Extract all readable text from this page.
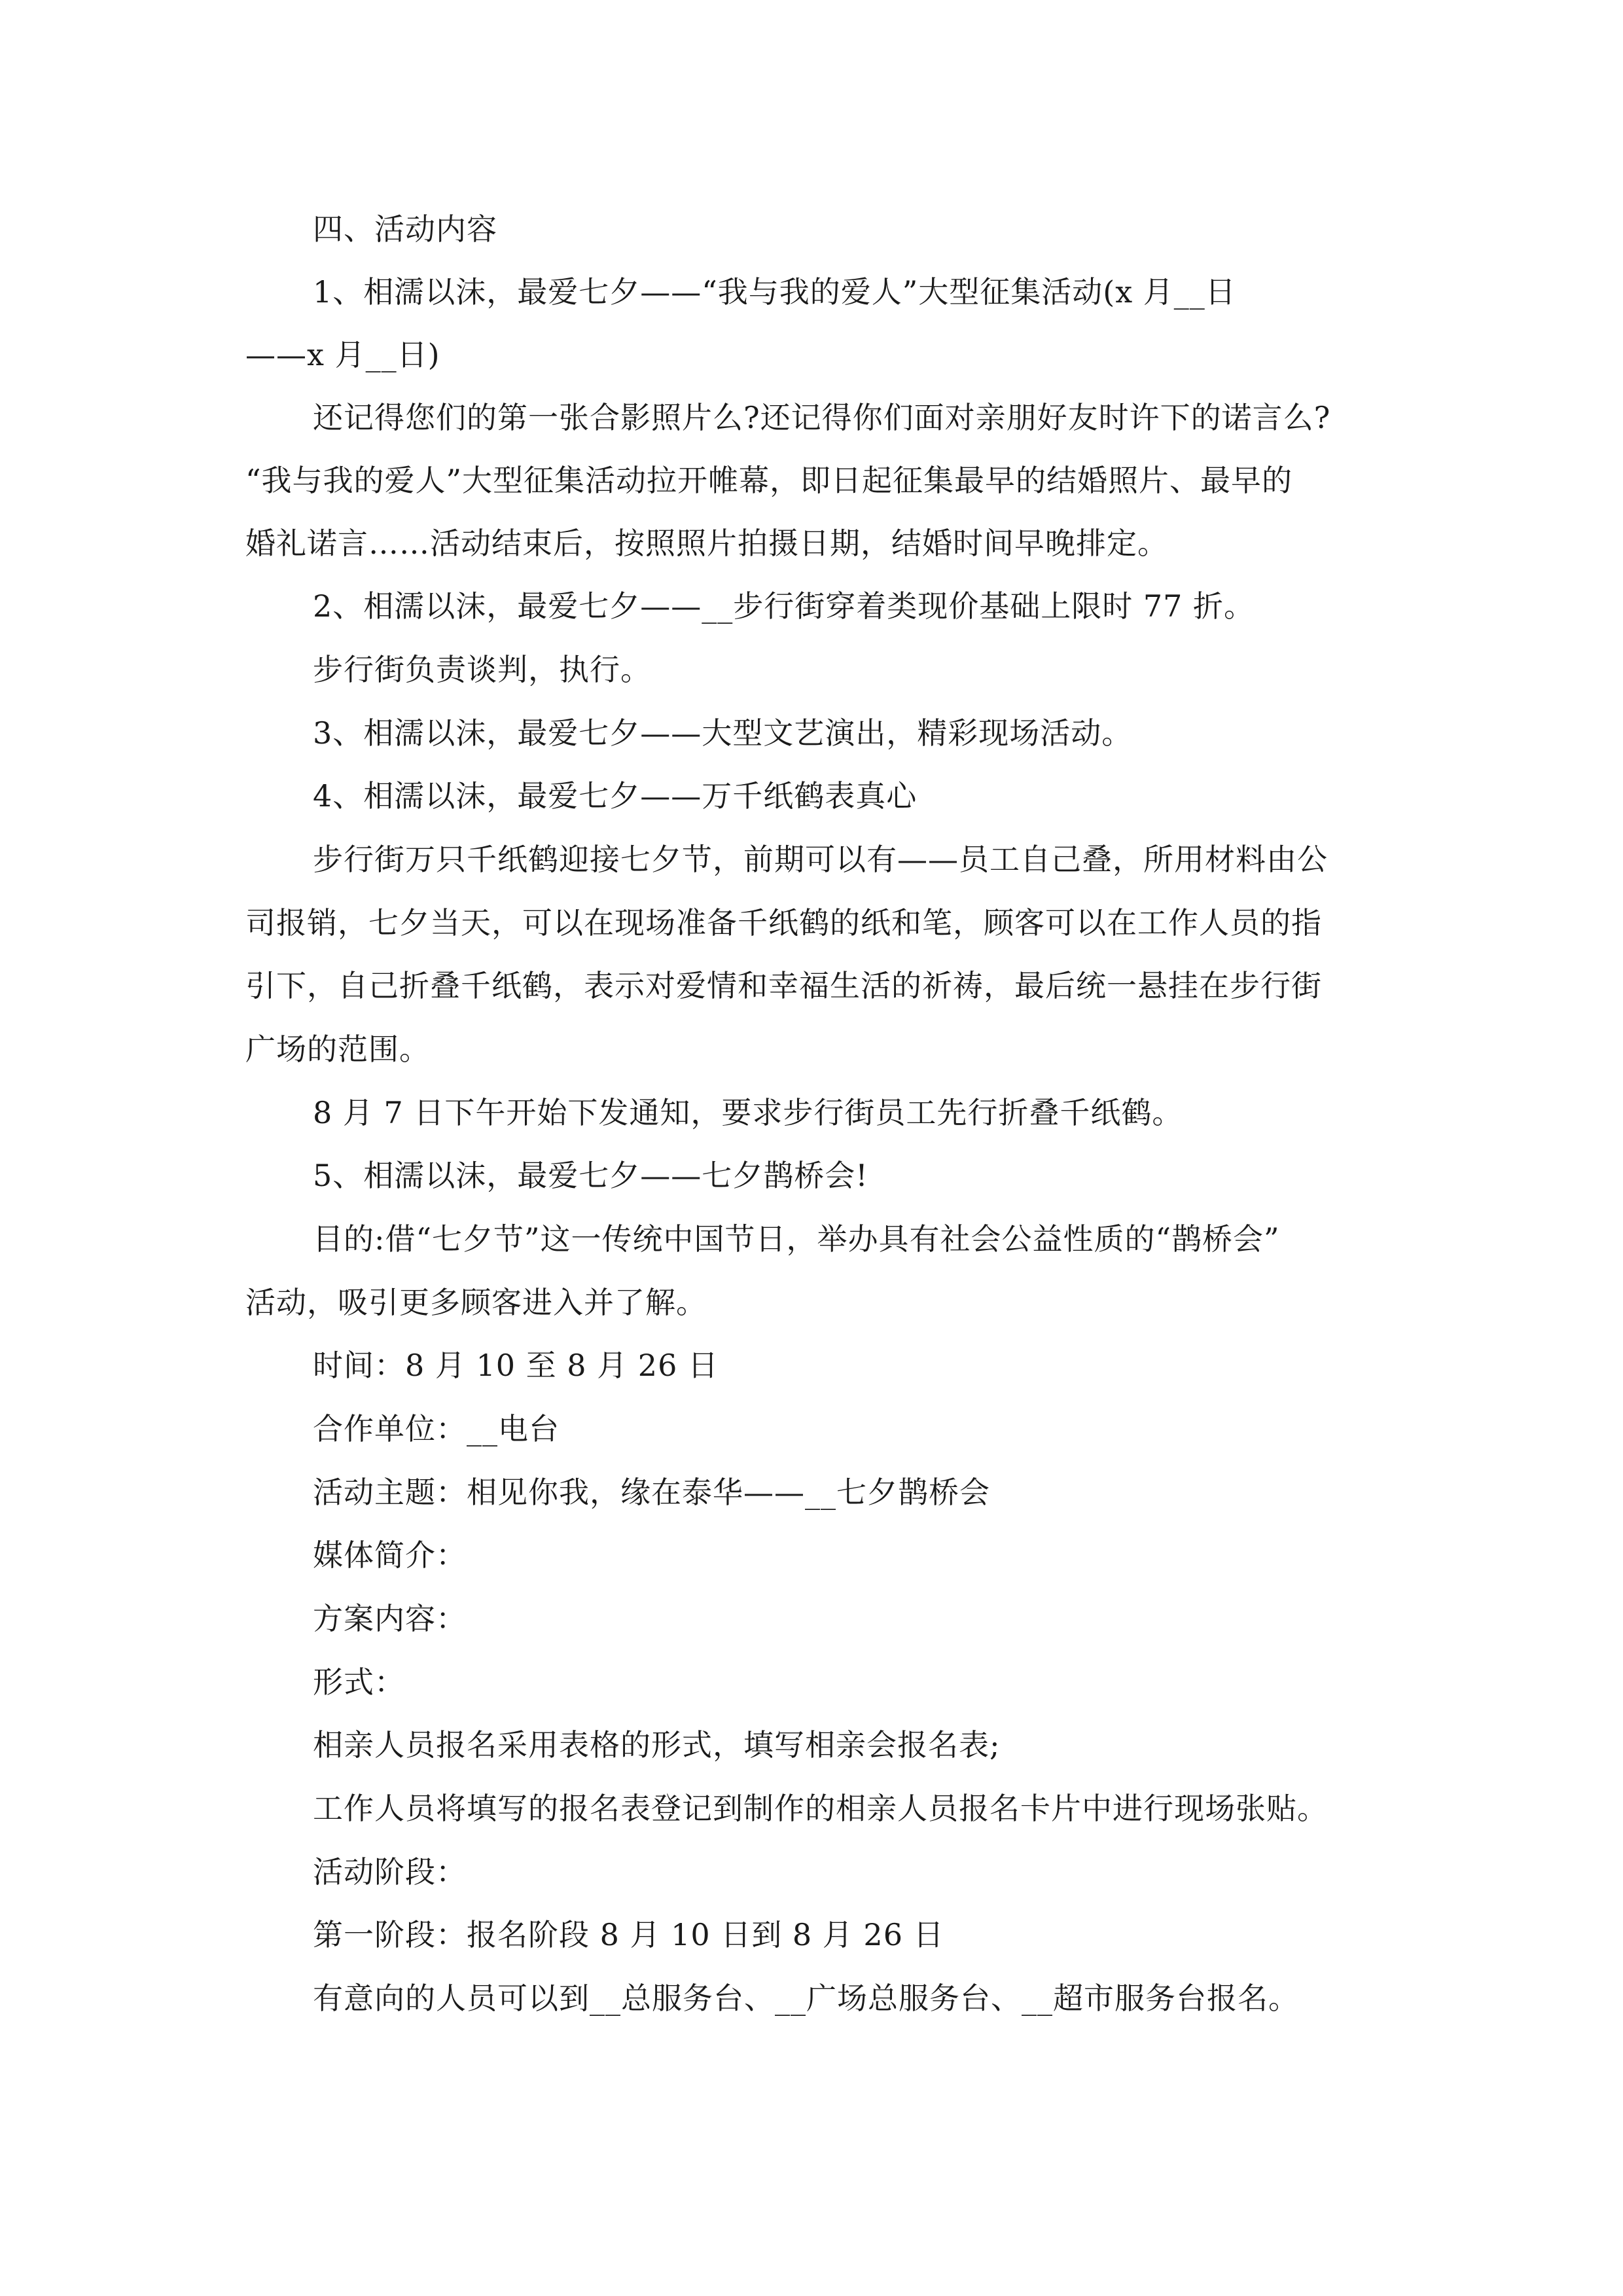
四、活动内容
1、相濡以沫，最爱七夕——“我与我的爱人”大型征集活动(x 月__日
——x 月__日)
还记得您们的第一张合影照片么?还记得你们面对亲朋好友时许下的诺言么?
“我与我的爱人”大型征集活动拉开帷幕，即日起征集最早的结婚照片、最早的
婚礼诺言……活动结束后，按照照片拍摄日期，结婚时间早晚排定。
2、相濡以沫，最爱七夕——__步行街穿着类现价基础上限时 77 折。
步行街负责谈判，执行。
3、相濡以沫，最爱七夕——大型文艺演出，精彩现场活动。
4、相濡以沫，最爱七夕——万千纸鹤表真心
步行街万只千纸鹤迎接七夕节，前期可以有——员工自己叠，所用材料由公
司报销，七夕当天，可以在现场准备千纸鹤的纸和笔，顾客可以在工作人员的指
引下，自己折叠千纸鹤，表示对爱情和幸福生活的祈祷，最后统一悬挂在步行街
广场的范围。
8 月 7 日下午开始下发通知，要求步行街员工先行折叠千纸鹤。
5、相濡以沫，最爱七夕——七夕鹊桥会!
目的:借“七夕节”这一传统中国节日，举办具有社会公益性质的“鹊桥会”
活动，吸引更多顾客进入并了解。
时间：8 月 10 至 8 月 26 日
合作单位：__电台
活动主题：相见你我，缘在泰华——__七夕鹊桥会
媒体简介：
方案内容：
形式：
相亲人员报名采用表格的形式，填写相亲会报名表;
工作人员将填写的报名表登记到制作的相亲人员报名卡片中进行现场张贴。
活动阶段：
第一阶段：报名阶段 8 月 10 日到 8 月 26 日
有意向的人员可以到__总服务台、__广场总服务台、__超市服务台报名。
